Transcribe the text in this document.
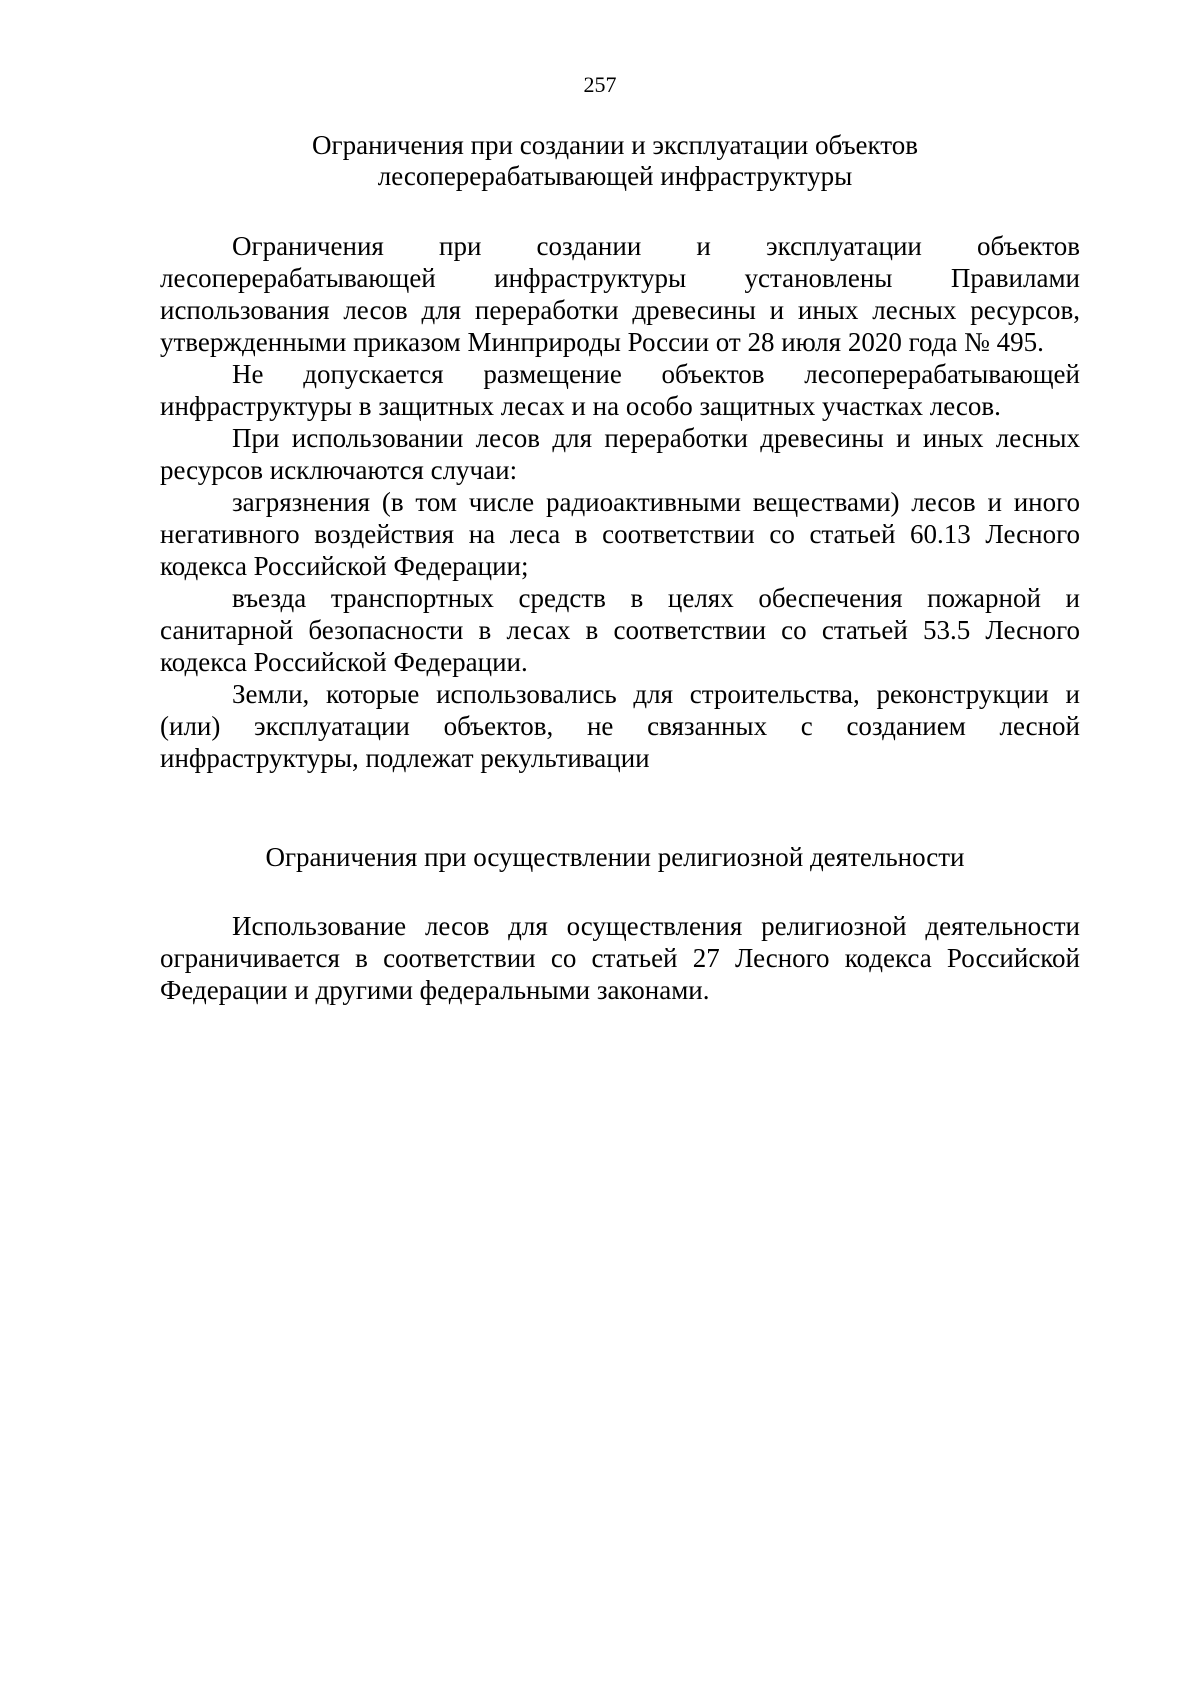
257
Ограничения при создании и эксплуатации объектов
лесоперерабатывающей инфраструктуры

Ограничения при создании и эксплуатации объектов лесоперерабатывающей инфраструктуры установлены Правилами использования лесов для переработки древесины и иных лесных ресурсов, утвержденными приказом Минприроды России от 28 июля 2020 года № 495.

Не допускается размещение объектов лесоперерабатывающей инфраструктуры в защитных лесах и на особо защитных участках лесов.

При использовании лесов для переработки древесины и иных лесных ресурсов исключаются случаи:

загрязнения (в том числе радиоактивными веществами) лесов и иного негативного воздействия на леса в соответствии со статьей 60.13 Лесного кодекса Российской Федерации;

въезда транспортных средств в целях обеспечения пожарной и санитарной безопасности в лесах в соответствии со статьей 53.5 Лесного кодекса Российской Федерации.

Земли, которые использовались для строительства, реконструкции и (или) эксплуатации объектов, не связанных с созданием лесной инфраструктуры, подлежат рекультивации

Ограничения при осуществлении религиозной деятельности

Использование лесов для осуществления религиозной деятельности ограничивается в соответствии со статьей 27 Лесного кодекса Российской Федерации и другими федеральными законами.
